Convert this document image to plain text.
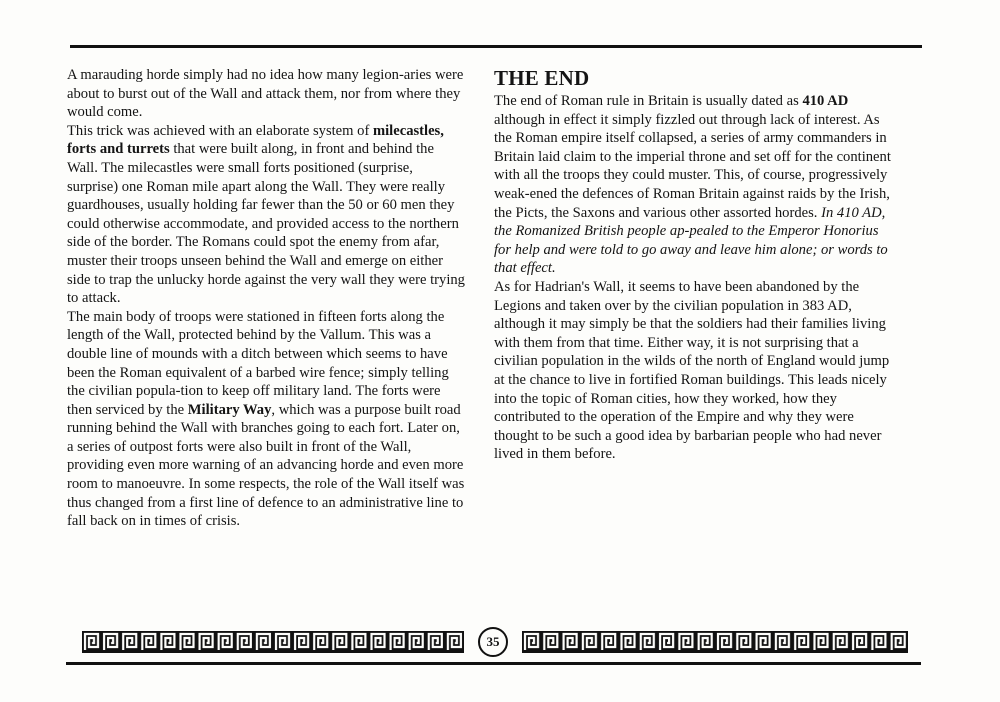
A marauding horde simply had no idea how many legion-aries were about to burst out of the Wall and attack them, nor from where they would come.

This trick was achieved with an elaborate system of milecastles, forts and turrets that were built along, in front and behind the Wall. The milecastles were small forts positioned (surprise, surprise) one Roman mile apart along the Wall. They were really guardhouses, usually holding far fewer than the 50 or 60 men they could otherwise accommodate, and provided access to the northern side of the border. The Romans could spot the enemy from afar, muster their troops unseen behind the Wall and emerge on either side to trap the unlucky horde against the very wall they were trying to attack.

The main body of troops were stationed in fifteen forts along the length of the Wall, protected behind by the Vallum. This was a double line of mounds with a ditch between which seems to have been the Roman equivalent of a barbed wire fence; simply telling the civilian popula-tion to keep off military land. The forts were then serviced by the Military Way, which was a purpose built road running behind the Wall with branches going to each fort. Later on, a series of outpost forts were also built in front of the Wall, providing even more warning of an advancing horde and even more room to manoeuvre. In some respects, the role of the Wall itself was thus changed from a first line of defence to an administrative line to fall back on in times of crisis.

THE END

The end of Roman rule in Britain is usually dated as 410 AD although in effect it simply fizzled out through lack of interest. As the Roman empire itself collapsed, a series of army commanders in Britain laid claim to the imperial throne and set off for the continent with all the troops they could muster. This, of course, progressively weak-ened the defences of Roman Britain against raids by the Irish, the Picts, the Saxons and various other assorted hordes. In 410 AD, the Romanized British people ap-pealed to the Emperor Honorius for help and were told to go away and leave him alone; or words to that effect.

As for Hadrian's Wall, it seems to have been abandoned by the Legions and taken over by the civilian population in 383 AD, although it may simply be that the soldiers had their families living with them from that time. Either way, it is not surprising that a civilian population in the wilds of the north of England would jump at the chance to live in fortified Roman buildings. This leads nicely into the topic of Roman cities, how they worked, how they contributed to the operation of the Empire and why they were thought to be such a good idea by barbarian people who had never lived in them before.

35
